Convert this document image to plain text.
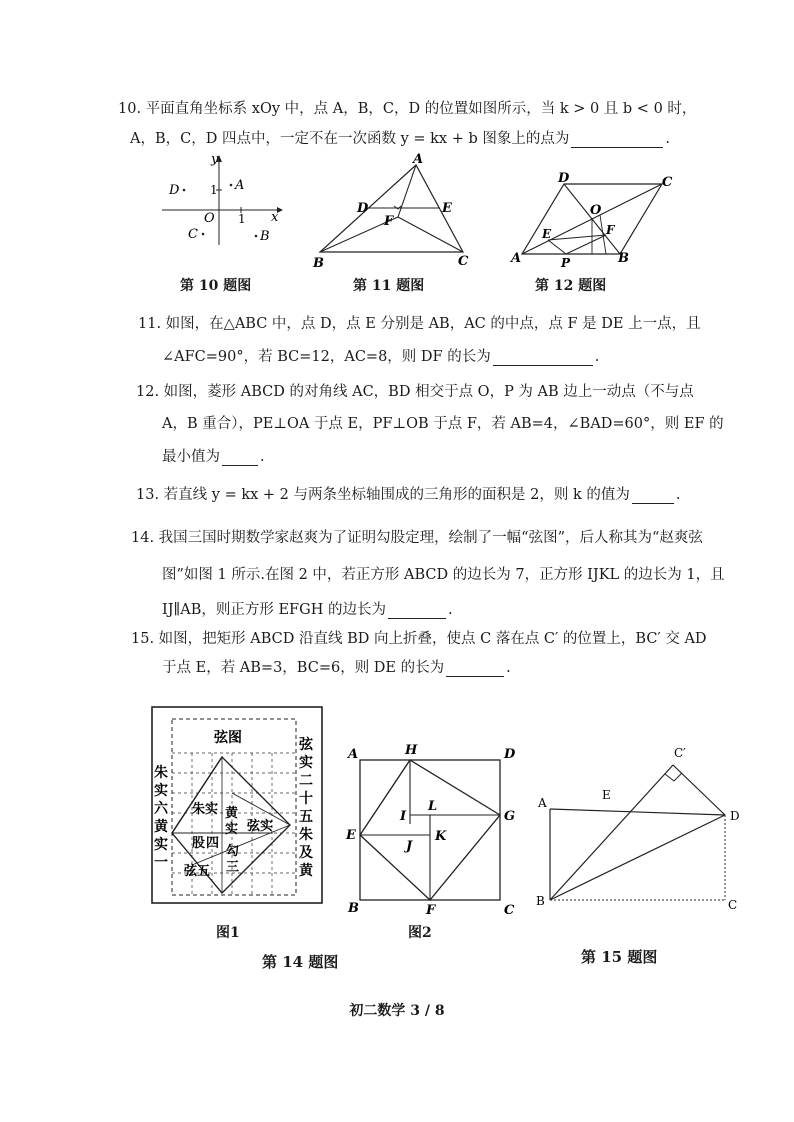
10. 平面直角坐标系 xOy 中，点 A，B，C，D 的位置如图所示，当 k > 0 且 b < 0 时，
A，B，C，D 四点中，一定不在一次函数 y = kx + b 图象上的点为	.
y
x
O 1
1 A
D
C	B
第 10 题图
A
B	C
D	E
F
第 11 题图
D	C
A	B
O
E	F
P
第 12 题图
11. 如图，在△ABC 中，点 D，点 E 分别是 AB，AC 的中点，点 F 是 DE 上一点，且
∠AFC=90°，若 BC=12，AC=8，则 DF 的长为	.
12. 如图，菱形 ABCD 的对角线 AC，BD 相交于点 O，P 为 AB 边上一动点（不与点
A，B 重合），PE⊥OA 于点 E，PF⊥OB 于点 F，若 AB=4，∠BAD=60°，则 EF 的
最小值为	.
13. 若直线 y = kx + 2 与两条坐标轴围成的三角形的面积是 2，则 k 的值为	.
14. 我国三国时期数学家赵爽为了证明勾股定理，绘制了一幅“弦图”，后人称其为“赵爽弦
图”如图 1 所示.在图 2 中，若正方形 ABCD 的边长为 7，正方形 IJKL 的边长为 1，且
IJ∥AB，则正方形 EFGH 的边长为	.
15. 如图，把矩形 ABCD 沿直线 BD 向上折叠，使点 C 落在点 C′ 的位置上，BC′ 交 AD
于点 E，若 AB=3，BC=6，则 DE 的长为	.
弦图
朱
实
六
黄
实
一
弦
实
二
十
五
朱
及
黄
朱实 黄
实 弦实
股 四
勾
三
弦五
图1
A	D
B	C
H
E
G
F
I
L
J
K
图2
第 14 题图
C′
A
E
D
B	C
第 15 题图
初二数学 3 / 8
